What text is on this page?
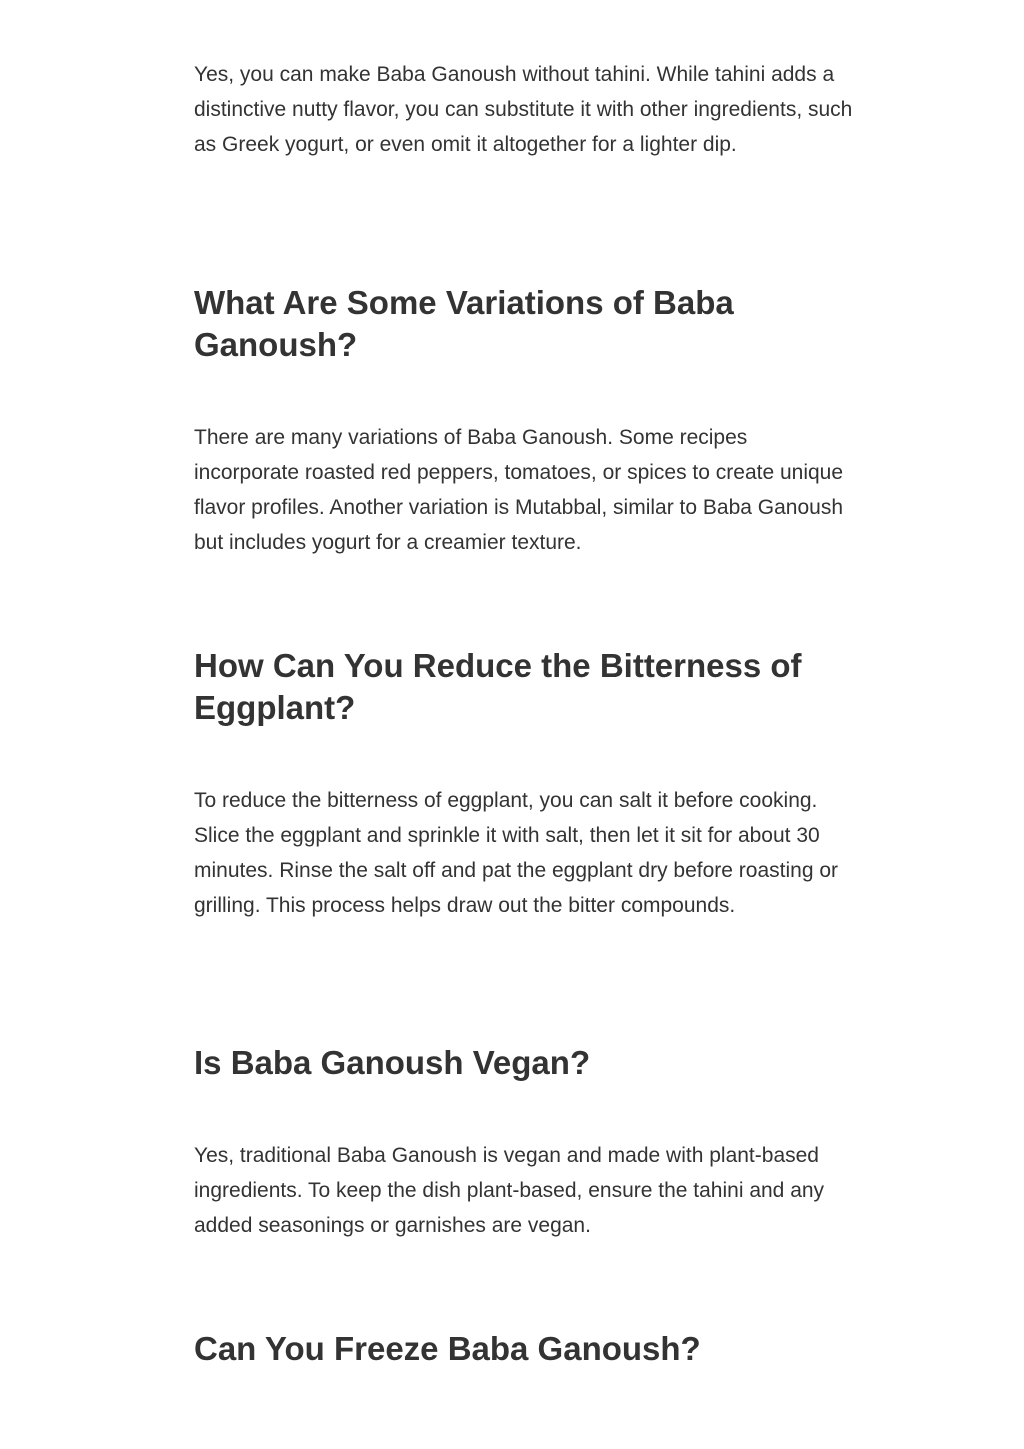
Yes, you can make Baba Ganoush without tahini. While tahini adds a distinctive nutty flavor, you can substitute it with other ingredients, such as Greek yogurt, or even omit it altogether for a lighter dip.

What Are Some Variations of Baba Ganoush?

There are many variations of Baba Ganoush. Some recipes incorporate roasted red peppers, tomatoes, or spices to create unique flavor profiles. Another variation is Mutabbal, similar to Baba Ganoush but includes yogurt for a creamier texture.

How Can You Reduce the Bitterness of Eggplant?

To reduce the bitterness of eggplant, you can salt it before cooking. Slice the eggplant and sprinkle it with salt, then let it sit for about 30 minutes. Rinse the salt off and pat the eggplant dry before roasting or grilling. This process helps draw out the bitter compounds.

Is Baba Ganoush Vegan?

Yes, traditional Baba Ganoush is vegan and made with plant-based ingredients. To keep the dish plant-based, ensure the tahini and any added seasonings or garnishes are vegan.

Can You Freeze Baba Ganoush?
